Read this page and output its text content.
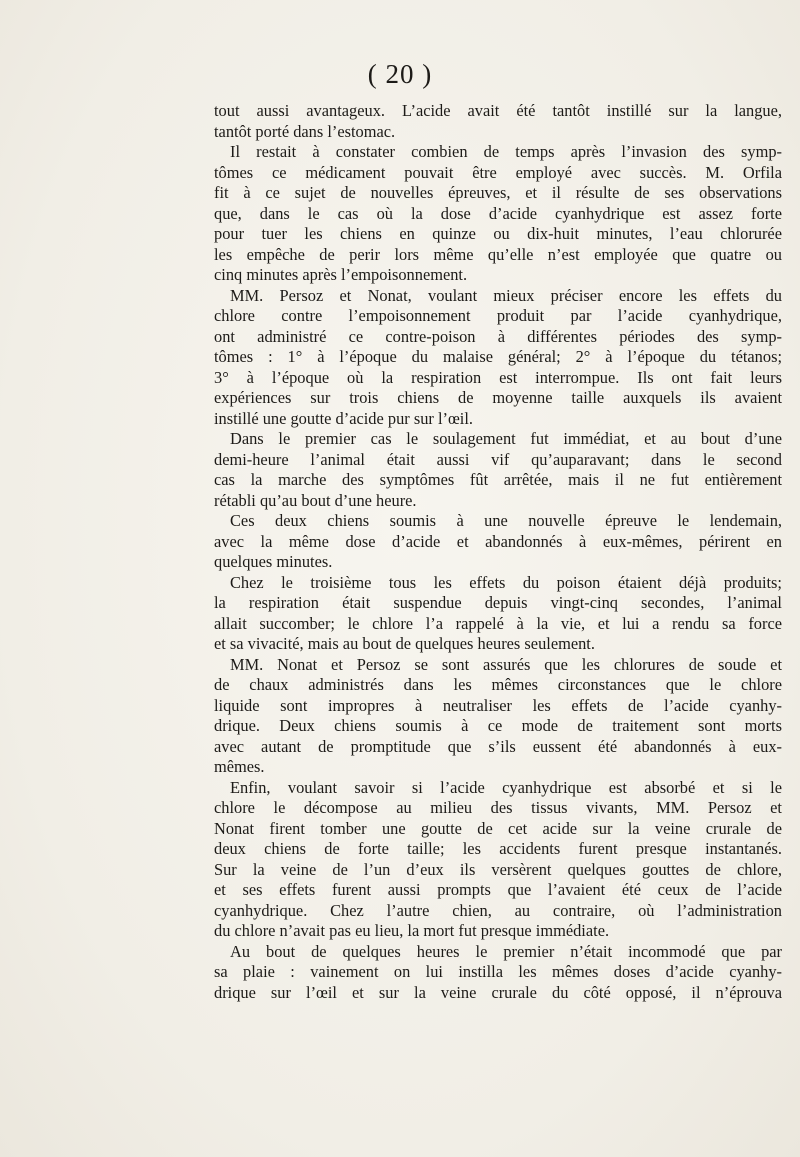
( 20 )
tout aussi avantageux. L’acide avait été tantôt instillé sur la langue,
tantôt porté dans l’estomac.
Il restait à constater combien de temps après l’invasion des symp-
tômes ce médicament pouvait être employé avec succès. M. Orfila
fit à ce sujet de nouvelles épreuves, et il résulte de ses observations
que, dans le cas où la dose d’acide cyanhydrique est assez forte
pour tuer les chiens en quinze ou dix-huit minutes, l’eau chlorurée
les empêche de perir lors même qu’elle n’est employée que quatre ou
cinq minutes après l’empoisonnement.
MM. Persoz et Nonat, voulant mieux préciser encore les effets du
chlore contre l’empoisonnement produit par l’acide cyanhydrique,
ont administré ce contre-poison à différentes périodes des symp-
tômes : 1° à l’époque du malaise général; 2° à l’époque du tétanos;
3° à l’époque où la respiration est interrompue. Ils ont fait leurs
expériences sur trois chiens de moyenne taille auxquels ils avaient
instillé une goutte d’acide pur sur l’œil.
Dans le premier cas le soulagement fut immédiat, et au bout d’une
demi-heure l’animal était aussi vif qu’auparavant; dans le second
cas la marche des symptômes fût arrêtée, mais il ne fut entièrement
rétabli qu’au bout d’une heure.
Ces deux chiens soumis à une nouvelle épreuve le lendemain,
avec la même dose d’acide et abandonnés à eux-mêmes, périrent en
quelques minutes.
Chez le troisième tous les effets du poison étaient déjà produits;
la respiration était suspendue depuis vingt-cinq secondes, l’animal
allait succomber; le chlore l’a rappelé à la vie, et lui a rendu sa force
et sa vivacité, mais au bout de quelques heures seulement.
MM. Nonat et Persoz se sont assurés que les chlorures de soude et
de chaux administrés dans les mêmes circonstances que le chlore
liquide sont impropres à neutraliser les effets de l’acide cyanhy-
drique. Deux chiens soumis à ce mode de traitement sont morts
avec autant de promptitude que s’ils eussent été abandonnés à eux-
mêmes.
Enfin, voulant savoir si l’acide cyanhydrique est absorbé et si le
chlore le décompose au milieu des tissus vivants, MM. Persoz et
Nonat firent tomber une goutte de cet acide sur la veine crurale de
deux chiens de forte taille; les accidents furent presque instantanés.
Sur la veine de l’un d’eux ils versèrent quelques gouttes de chlore,
et ses effets furent aussi prompts que l’avaient été ceux de l’acide
cyanhydrique. Chez l’autre chien, au contraire, où l’administration
du chlore n’avait pas eu lieu, la mort fut presque immédiate.
Au bout de quelques heures le premier n’était incommodé que par
sa plaie : vainement on lui instilla les mêmes doses d’acide cyanhy-
drique sur l’œil et sur la veine crurale du côté opposé, il n’éprouva
